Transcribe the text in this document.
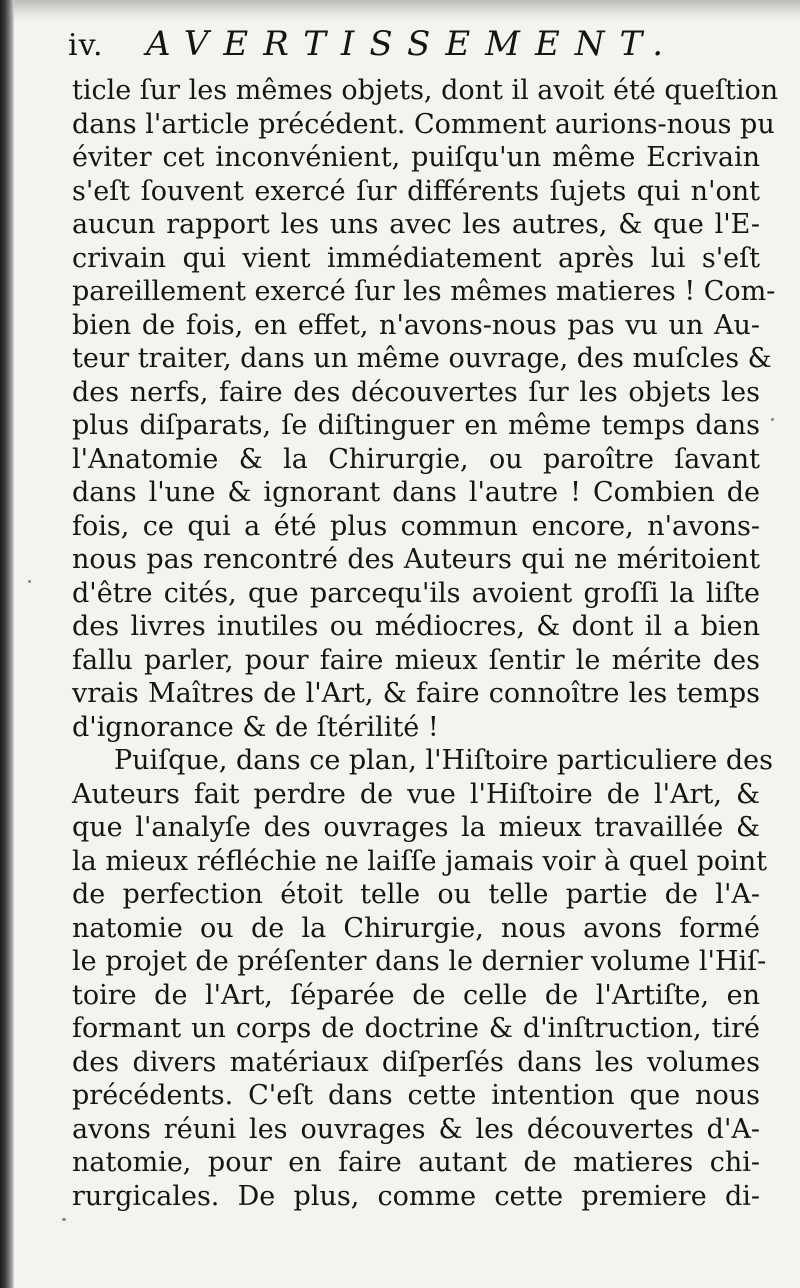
iv. AVERTISSEMENT.
ticle ſur les mêmes objets, dont il avoit été queſtion
dans l'article précédent. Comment aurions-nous pu
éviter cet inconvénient, puiſqu'un même Ecrivain
s'eſt ſouvent exercé ſur différents ſujets qui n'ont
aucun rapport les uns avec les autres, & que l'E-
crivain qui vient immédiatement après lui s'eſt
pareillement exercé ſur les mêmes matieres ! Com-
bien de fois, en effet, n'avons-nous pas vu un Au-
teur traiter, dans un même ouvrage, des muſcles &
des nerfs, faire des découvertes ſur les objets les
plus diſparats, ſe diſtinguer en même temps dans
l'Anatomie & la Chirurgie, ou paroître ſavant
dans l'une & ignorant dans l'autre ! Combien de
fois, ce qui a été plus commun encore, n'avons-
nous pas rencontré des Auteurs qui ne méritoient
d'être cités, que parcequ'ils avoient groſſi la liſte
des livres inutiles ou médiocres, & dont il a bien
fallu parler, pour faire mieux ſentir le mérite des
vrais Maîtres de l'Art, & faire connoître les temps
d'ignorance & de ſtérilité !
Puiſque, dans ce plan, l'Hiſtoire particuliere des
Auteurs fait perdre de vue l'Hiſtoire de l'Art, &
que l'analyſe des ouvrages la mieux travaillée &
la mieux réfléchie ne laiſſe jamais voir à quel point
de perfection étoit telle ou telle partie de l'A-
natomie ou de la Chirurgie, nous avons formé
le projet de préſenter dans le dernier volume l'Hiſ-
toire de l'Art, ſéparée de celle de l'Artiſte, en
formant un corps de doctrine & d'inſtruction, tiré
des divers matériaux diſperſés dans les volumes
précédents. C'eſt dans cette intention que nous
avons réuni les ouvrages & les découvertes d'A-
natomie, pour en faire autant de matieres chi-
rurgicales. De plus, comme cette premiere di-
